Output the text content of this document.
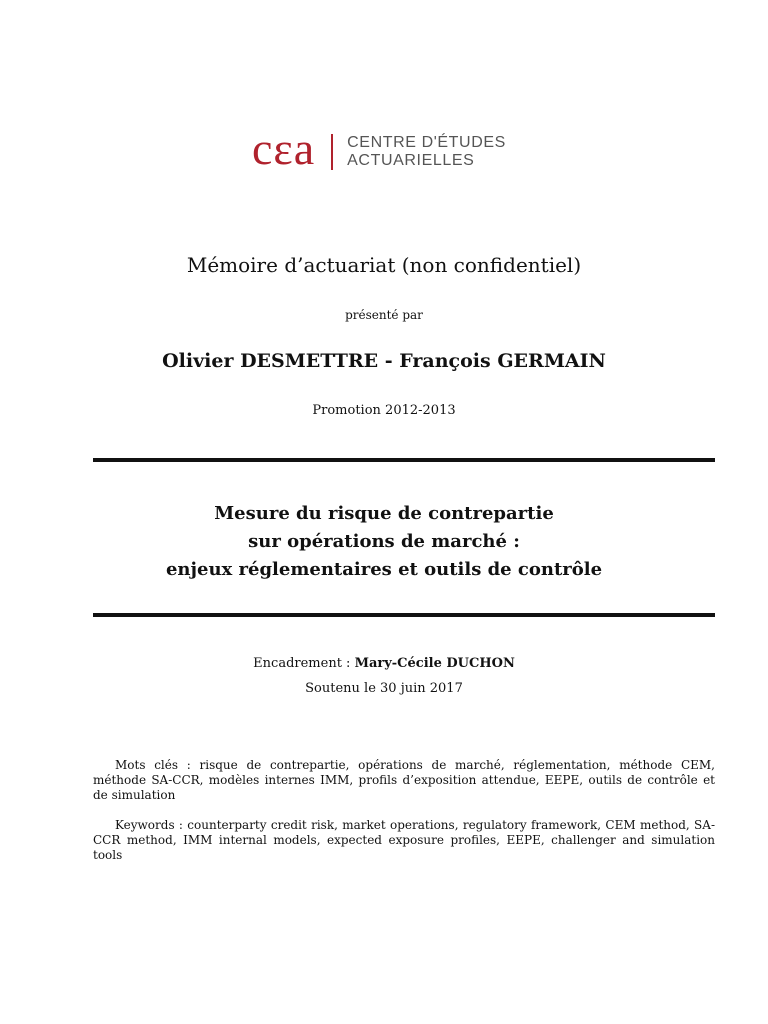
cεa CENTRE D'ÉTUDES
ACTUARIELLES
Mémoire d’actuariat (non confidentiel)
présenté par
Olivier DESMETTRE - François GERMAIN
Promotion 2012-2013
Mesure du risque de contrepartie
sur opérations de marché :
enjeux réglementaires et outils de contrôle
Encadrement : Mary-Cécile DUCHON
Soutenu le 30 juin 2017
Mots clés : risque de contrepartie, opérations de marché, réglementation, méthode CEM, méthode SA-CCR, modèles internes IMM, profils d’exposition attendue, EEPE, outils de contrôle et de simulation
Keywords : counterparty credit risk, market operations, regulatory framework, CEM method, SA-CCR method, IMM internal models, expected exposure profiles, EEPE, challenger and simulation tools
